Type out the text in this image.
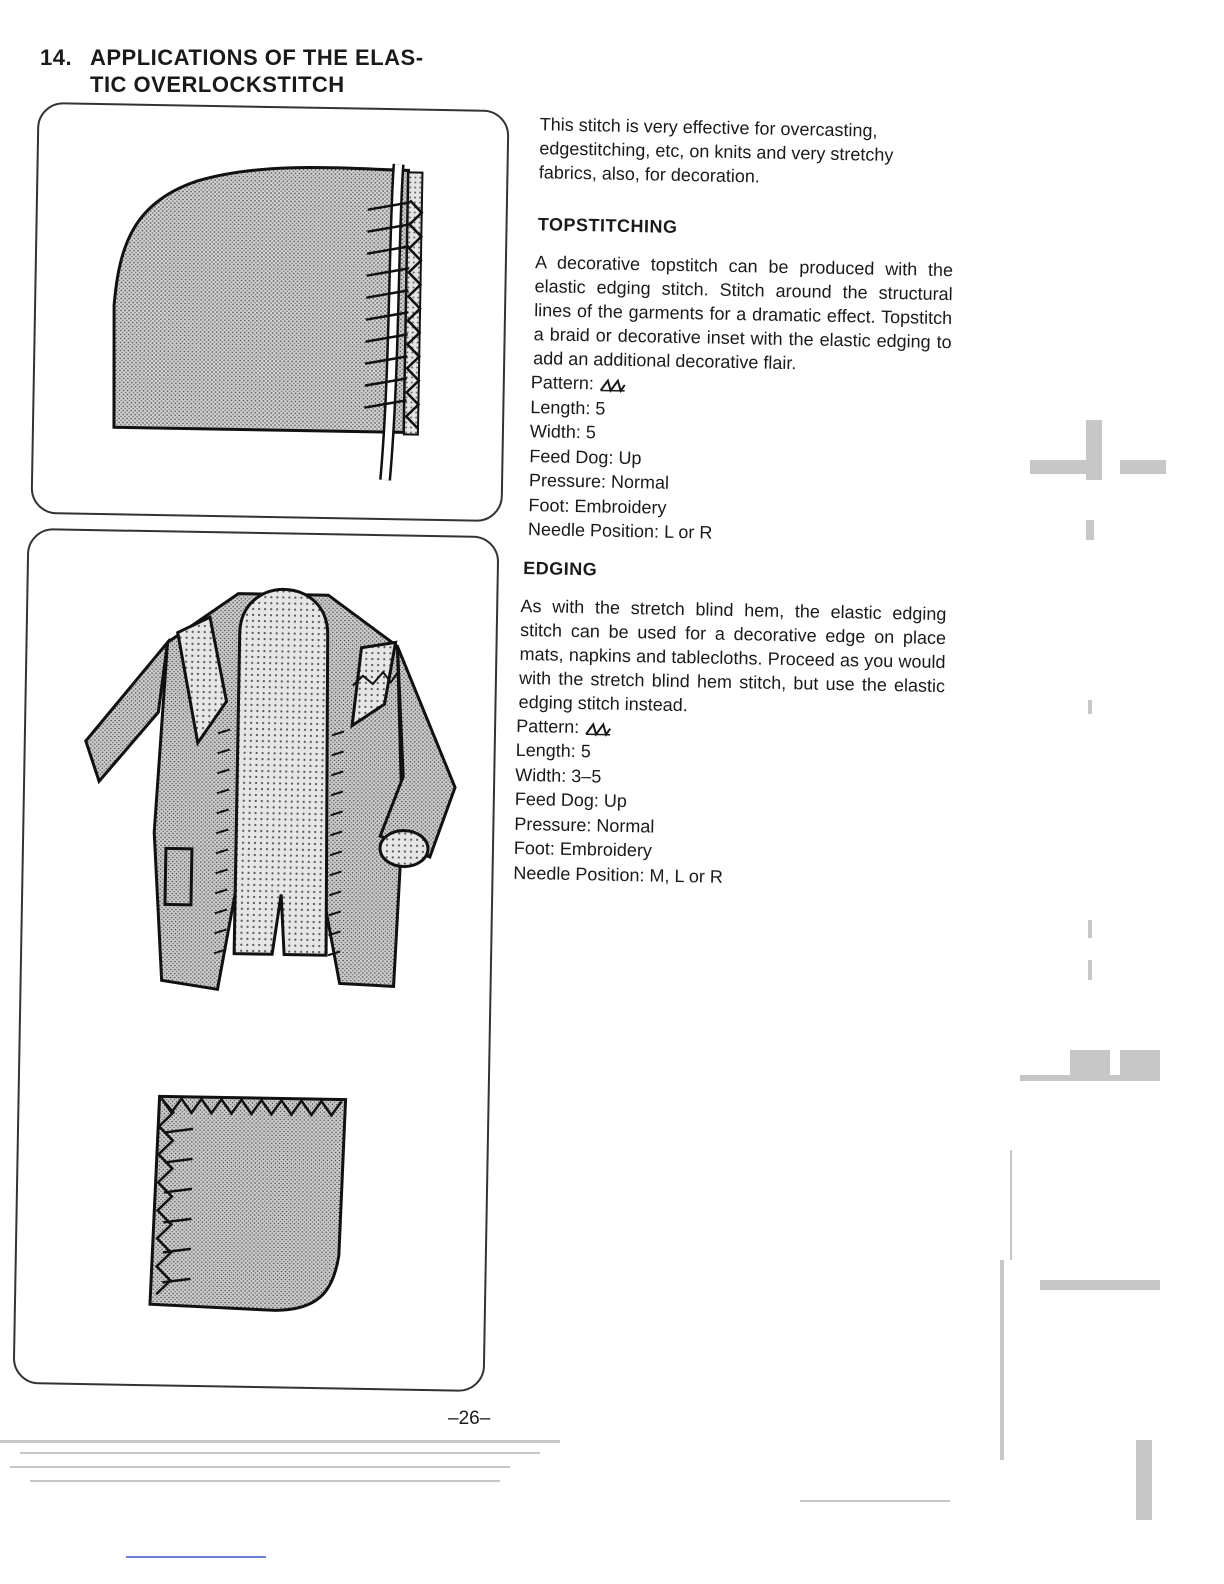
14. APPLICATIONS OF THE ELAS-
TIC OVERLOCKSTITCH

This stitch is very effective for overcasting, edgestitching, etc, on knits and very stretchy fabrics, also, for decoration.

TOPSTITCHING

A decorative topstitch can be produced with the elastic edging stitch. Stitch around the structural lines of the garments for a dramatic effect. Topstitch a braid or decorative inset with the elastic edging to add an additional decorative flair.

Pattern:

Length: 5

Width: 5

Feed Dog: Up

Pressure: Normal

Foot: Embroidery

Needle Position: L or R

EDGING

As with the stretch blind hem, the elastic edging stitch can be used for a decorative edge on place mats, napkins and tablecloths. Proceed as you would with the stretch blind hem stitch, but use the elastic edging stitch instead.

Pattern:

Length: 5

Width: 3–5

Feed Dog: Up

Pressure: Normal

Foot: Embroidery

Needle Position: M, L or R

–26–
